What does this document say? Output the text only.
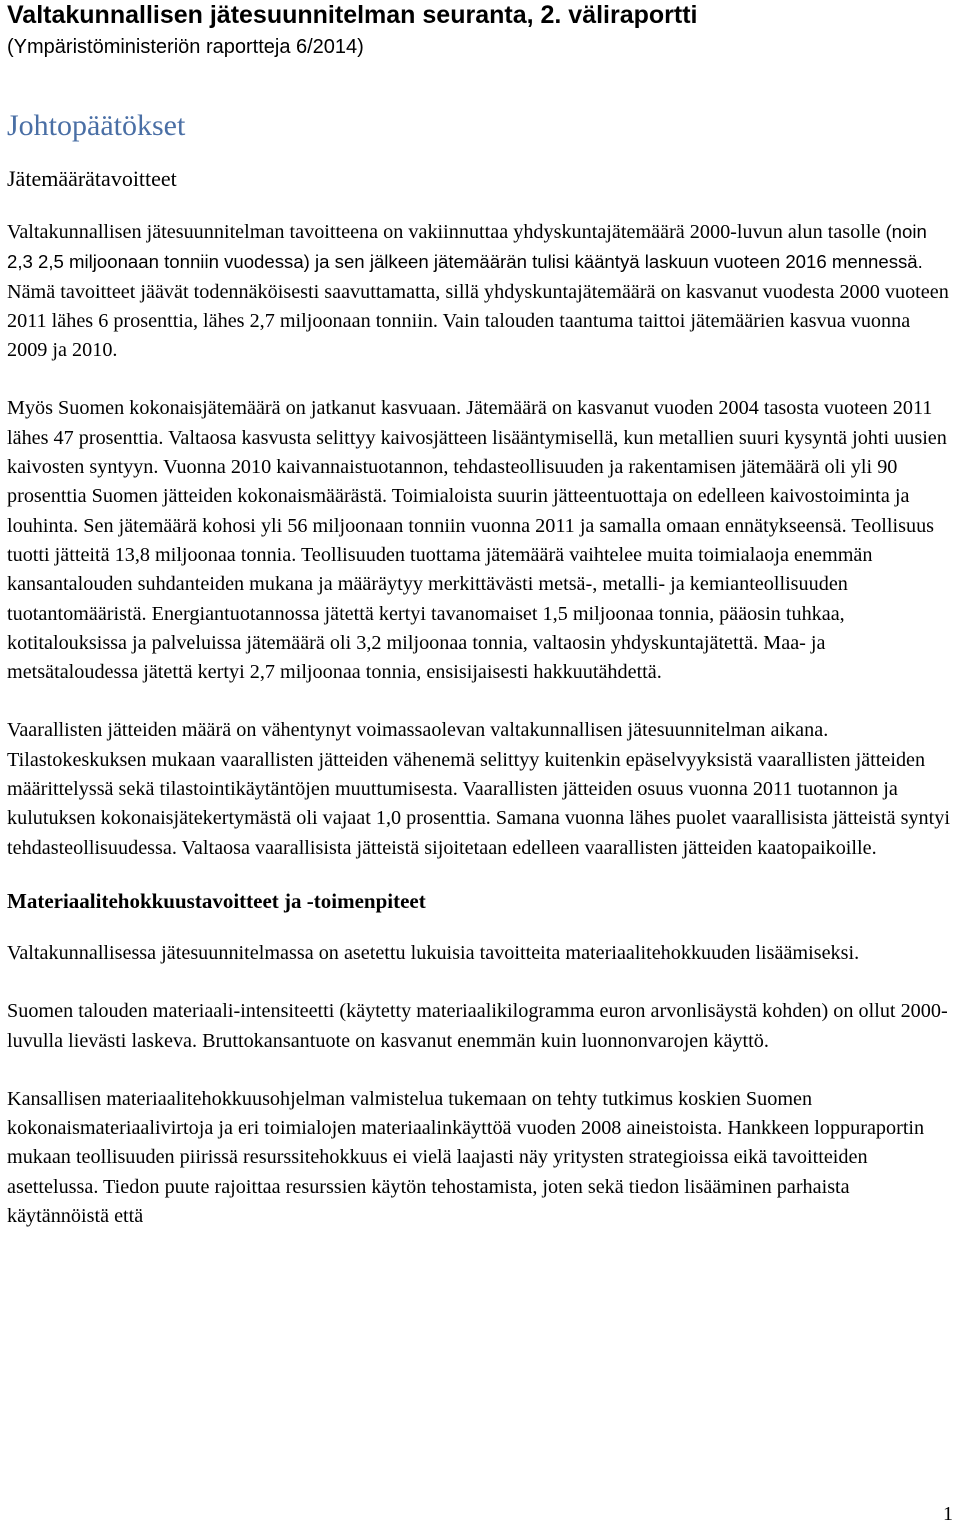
Valtakunnallisen jätesuunnitelman seuranta, 2. väliraportti
(Ympäristöministeriön raportteja 6/2014)
Johtopäätökset
Jätemäärätavoitteet

Valtakunnallisen jätesuunnitelman tavoitteena on vakiinnuttaa yhdyskuntajätemäärä 2000-luvun alun tasolle (noin 2,3 2,5 miljoonaan tonniin vuodessa) ja sen jälkeen jätemäärän tulisi kääntyä laskuun vuoteen 2016 mennessä. Nämä tavoitteet jäävät todennäköisesti saavuttamatta, sillä yhdyskuntajätemäärä on kasvanut vuodesta 2000 vuoteen 2011 lähes 6 prosenttia, lähes 2,7 miljoonaan tonniin. Vain talouden taantuma taittoi jätemäärien kasvua vuonna 2009 ja 2010.

Myös Suomen kokonaisjätemäärä on jatkanut kasvuaan. Jätemäärä on kasvanut vuoden 2004 tasosta vuoteen 2011 lähes 47 prosenttia. Valtaosa kasvusta selittyy kaivosjätteen lisääntymisellä, kun metallien suuri kysyntä johti uusien kaivosten syntyyn. Vuonna 2010 kaivannaistuotannon, tehdasteollisuuden ja rakentamisen jätemäärä oli yli 90 prosenttia Suomen jätteiden kokonaismäärästä. Toimialoista suurin jätteentuottaja on edelleen kaivostoiminta ja louhinta. Sen jätemäärä kohosi yli 56 miljoonaan tonniin vuonna 2011 ja samalla omaan ennätykseensä. Teollisuus tuotti jätteitä 13,8 miljoonaa tonnia. Teollisuuden tuottama jätemäärä vaihtelee muita toimialaoja enemmän kansantalouden suhdanteiden mukana ja määräytyy merkittävästi metsä-, metalli- ja kemianteollisuuden tuotantomääristä. Energiantuotannossa jätettä kertyi tavanomaiset 1,5 miljoonaa tonnia, pääosin tuhkaa, kotitalouksissa ja palveluissa jätemäärä oli 3,2 miljoonaa tonnia, valtaosin yhdyskuntajätettä. Maa- ja metsätaloudessa jätettä kertyi 2,7 miljoonaa tonnia, ensisijaisesti hakkuutähdettä.

Vaarallisten jätteiden määrä on vähentynyt voimassaolevan valtakunnallisen jätesuunnitelman aikana. Tilastokeskuksen mukaan vaarallisten jätteiden vähenemä selittyy kuitenkin epäselvyyksistä vaarallisten jätteiden määrittelyssä sekä tilastointikäytäntöjen muuttumisesta. Vaarallisten jätteiden osuus vuonna 2011 tuotannon ja kulutuksen kokonaisjätekertymästä oli vajaat 1,0 prosenttia. Samana vuonna lähes puolet vaarallisista jätteistä syntyi tehdasteollisuudessa. Valtaosa vaarallisista jätteistä sijoitetaan edelleen vaarallisten jätteiden kaatopaikoille.

Materiaalitehokkuustavoitteet ja -toimenpiteet

Valtakunnallisessa jätesuunnitelmassa on asetettu lukuisia tavoitteita materiaalitehokkuuden lisäämiseksi.

Suomen talouden materiaali-intensiteetti (käytetty materiaalikilogramma euron arvonlisäystä kohden) on ollut 2000-luvulla lievästi laskeva. Bruttokansantuote on kasvanut enemmän kuin luonnonvarojen käyttö.

Kansallisen materiaalitehokkuusohjelman valmistelua tukemaan on tehty tutkimus koskien Suomen kokonaismateriaalivirtoja ja eri toimialojen materiaalinkäyttöä vuoden 2008 aineistoista. Hankkeen loppuraportin mukaan teollisuuden piirissä resurssitehokkuus ei vielä laajasti näy yritysten strategioissa eikä tavoitteiden asettelussa. Tiedon puute rajoittaa resurssien käytön tehostamista, joten sekä tiedon lisääminen parhaista käytännöistä että

1
